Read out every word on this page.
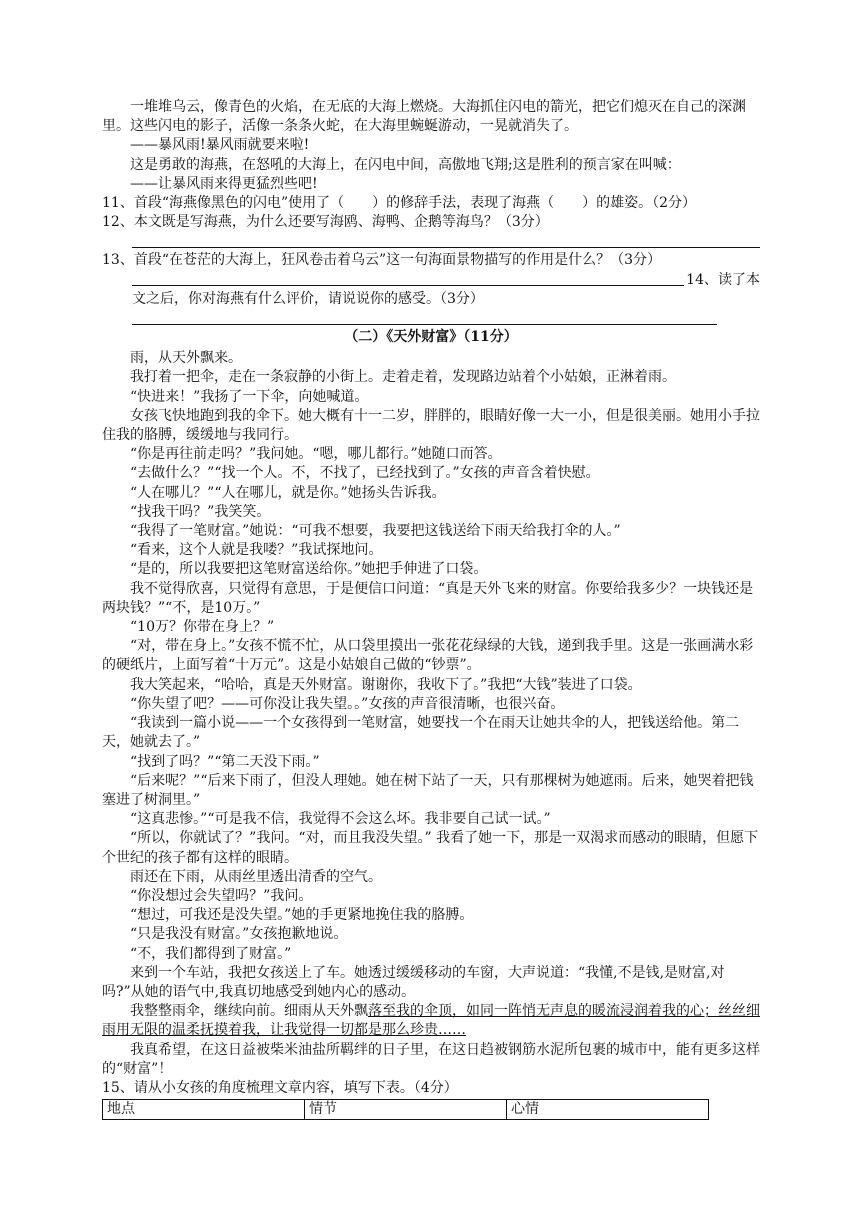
一堆堆乌云，像青色的火焰，在无底的大海上燃烧。大海抓住闪电的箭光，把它们熄灭在自己的深渊里。这些闪电的影子，活像一条条火蛇，在大海里蜿蜒游动，一晃就消失了。

——暴风雨!暴风雨就要来啦!

这是勇敢的海燕，在怒吼的大海上，在闪电中间，高傲地飞翔;这是胜利的预言家在叫喊：

——让暴风雨来得更猛烈些吧!

11、首段“海燕像黑色的闪电”使用了（　　）的修辞手法，表现了海燕（　　）的雄姿。（2分）

12、本文既是写海燕，为什么还要写海鸥、海鸭、企鹅等海鸟？（3分）

13、首段“在苍茫的大海上，狂风卷击着乌云”这一句海面景物描写的作用是什么？（3分）

14、读了本

文之后，你对海燕有什么评价，请说说你的感受。（3分）

（二）《天外财富》（11分）

雨，从天外飘来。

我打着一把伞，走在一条寂静的小街上。走着走着，发现路边站着个小姑娘，正淋着雨。

“快进来！”我扬了一下伞，向她喊道。

女孩飞快地跑到我的伞下。她大概有十一二岁，胖胖的，眼睛好像一大一小，但是很美丽。她用小手拉住我的胳膊，缓缓地与我同行。

“你是再往前走吗？”我问她。“嗯，哪儿都行。”她随口而答。

“去做什么？”“找一个人。不，不找了，已经找到了。”女孩的声音含着快慰。

“人在哪儿？”“人在哪儿，就是你。”她扬头告诉我。

“找我干吗？”我笑笑。

“我得了一笔财富。”她说：“可我不想要，我要把这钱送给下雨天给我打伞的人。”

“看来，这个人就是我喽？”我试探地问。

“是的，所以我要把这笔财富送给你。”她把手伸进了口袋。

我不觉得欣喜，只觉得有意思，于是便信口问道：“真是天外飞来的财富。你要给我多少？一块钱还是两块钱？”“不，是10万。”

“10万？你带在身上？”

“对，带在身上。”女孩不慌不忙，从口袋里摸出一张花花绿绿的大钱，递到我手里。这是一张画满水彩的硬纸片，上面写着“十万元”。这是小姑娘自己做的“钞票”。

我大笑起来，“哈哈，真是天外财富。谢谢你，我收下了。”我把“大钱”装进了口袋。

“你失望了吧？——可你没让我失望。。”女孩的声音很清晰，也很兴奋。

“我读到一篇小说——一个女孩得到一笔财富，她要找一个在雨天让她共伞的人，把钱送给他。第二天，她就去了。”

“找到了吗？”“第二天没下雨。”

“后来呢？”“后来下雨了，但没人理她。她在树下站了一天，只有那棵树为她遮雨。后来，她哭着把钱塞进了树洞里。”

“这真悲惨。”“可是我不信，我觉得不会这么坏。我非要自己试一试。”

“所以，你就试了？”我问。“对，而且我没失望。” 我看了她一下，那是一双渴求而感动的眼睛，但愿下个世纪的孩子都有这样的眼睛。

雨还在下雨，从雨丝里透出清香的空气。

“你没想过会失望吗？”我问。

“想过，可我还是没失望。”她的手更紧地挽住我的胳膊。

“只是我没有财富。”女孩抱歉地说。

“不，我们都得到了财富。”

来到一个车站，我把女孩送上了车。她透过缓缓移动的车窗，大声说道：“我懂,不是钱,是财富,对吗?”从她的语气中,我真切地感受到她内心的感动。

我整整雨伞，继续向前。细雨从天外飘落至我的伞顶，如同一阵悄无声息的暖流浸润着我的心；丝丝细雨用无限的温柔抚摸着我，让我觉得一切都是那么珍贵……

我真希望，在这日益被柴米油盐所羁绊的日子里，在这日趋被钢筋水泥所包裹的城市中，能有更多这样的“财富”！

15、请从小女孩的角度梳理文章内容，填写下表。（4分）

地点	情节	心情
